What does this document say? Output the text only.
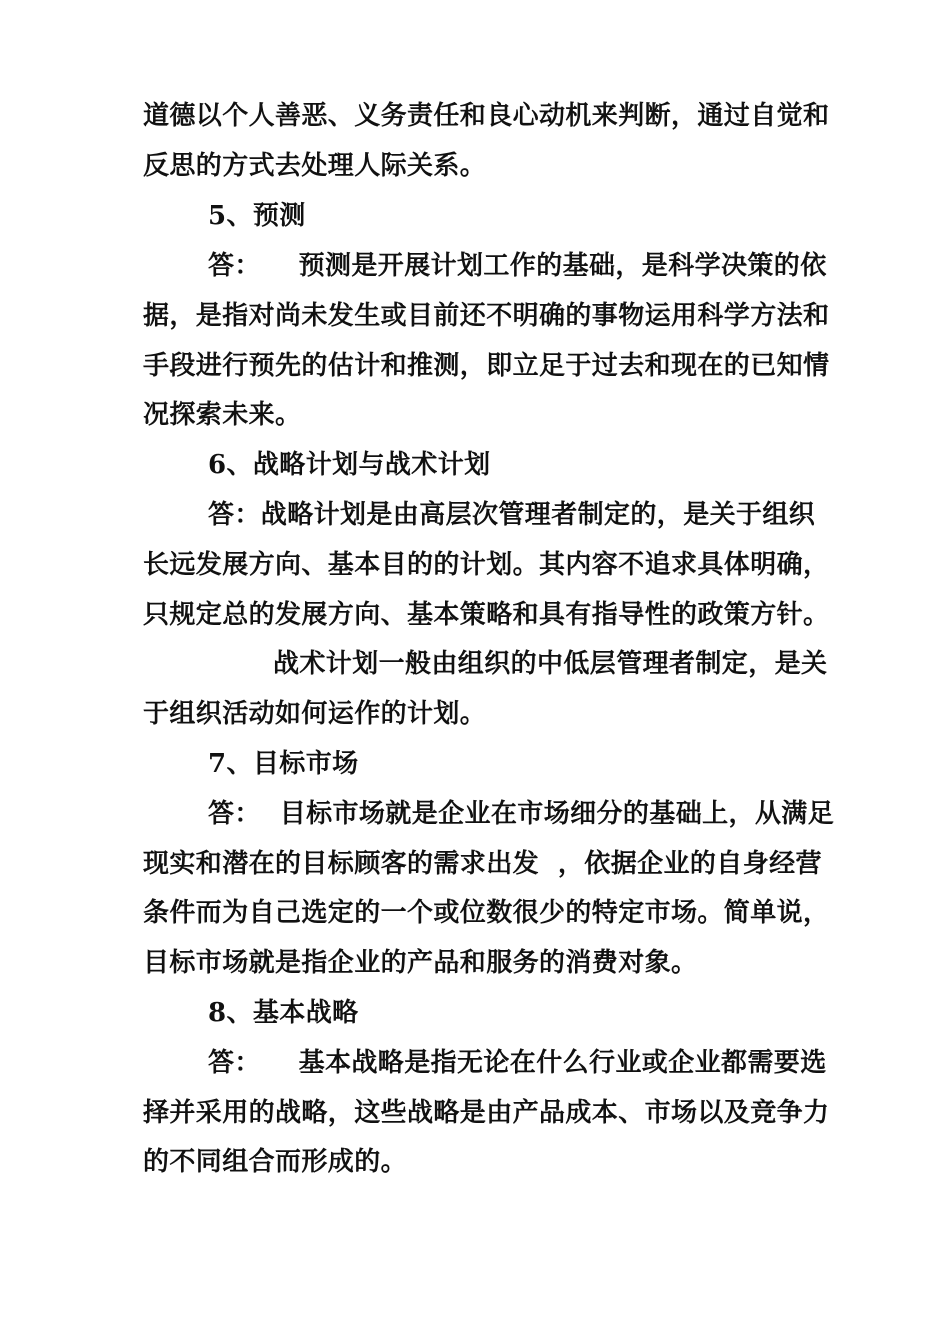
道德以个人善恶、义务责任和良心动机来判断，通过自觉和
反思的方式去处理人际关系。
5、预测
答：    预测是开展计划工作的基础，是科学决策的依
据，是指对尚未发生或目前还不明确的事物运用科学方法和
手段进行预先的估计和推测，即立足于过去和现在的已知情
况探索未来。
6、战略计划与战术计划
答：战略计划是由高层次管理者制定的，是关于组织
长远发展方向、基本目的的计划。其内容不追求具体明确，
只规定总的发展方向、基本策略和具有指导性的政策方针。
战术计划一般由组织的中低层管理者制定，是关
于组织活动如何运作的计划。
7、目标市场
答：  目标市场就是企业在市场细分的基础上，从满足
现实和潜在的目标顾客的需求出发  ，依据企业的自身经营
条件而为自己选定的一个或位数很少的特定市场。简单说，
目标市场就是指企业的产品和服务的消费对象。
8、基本战略
答：    基本战略是指无论在什么行业或企业都需要选
择并采用的战略，这些战略是由产品成本、市场以及竞争力
的不同组合而形成的。
